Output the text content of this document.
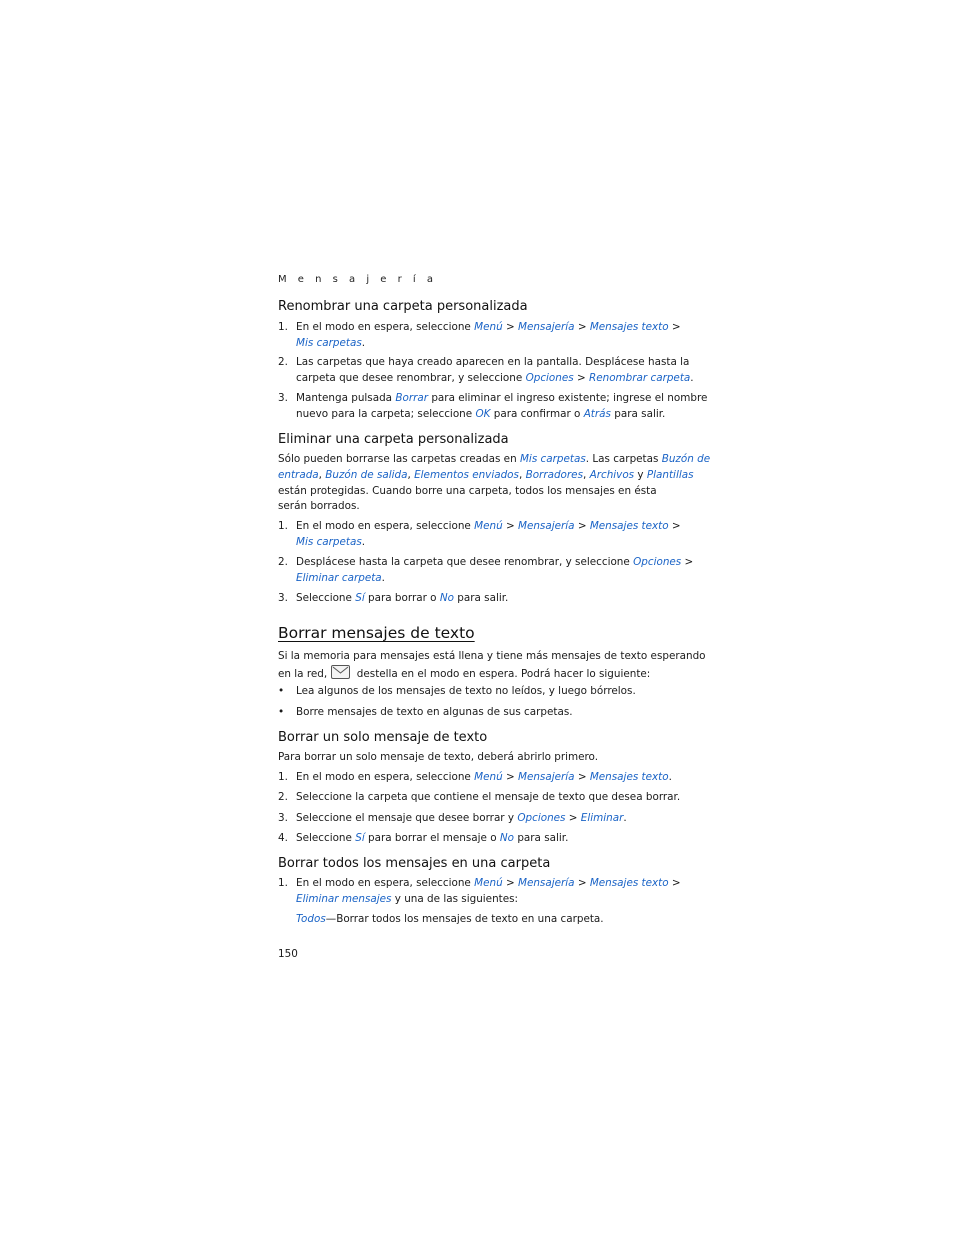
M e n s a j e r í a
Renombrar una carpeta personalizada
1. En el modo en espera, seleccione Menú > Mensajería > Mensajes texto >
Mis carpetas.
2. Las carpetas que haya creado aparecen en la pantalla. Desplácese hasta la
carpeta que desee renombrar, y seleccione Opciones > Renombrar carpeta.
3. Mantenga pulsada Borrar para eliminar el ingreso existente; ingrese el nombre
nuevo para la carpeta; seleccione OK para confirmar o Atrás para salir.
Eliminar una carpeta personalizada
Sólo pueden borrarse las carpetas creadas en Mis carpetas. Las carpetas Buzón de
entrada, Buzón de salida, Elementos enviados, Borradores, Archivos y Plantillas
están protegidas. Cuando borre una carpeta, todos los mensajes en ésta
serán borrados.
1. En el modo en espera, seleccione Menú > Mensajería > Mensajes texto >
Mis carpetas.
2. Desplácese hasta la carpeta que desee renombrar, y seleccione Opciones >
Eliminar carpeta.
3. Seleccione Sí para borrar o No para salir.
Borrar mensajes de texto
Si la memoria para mensajes está llena y tiene más mensajes de texto esperando
en la red,
destella en el modo en espera. Podrá hacer lo siguiente:
• Lea algunos de los mensajes de texto no leídos, y luego bórrelos.
• Borre mensajes de texto en algunas de sus carpetas.
Borrar un solo mensaje de texto
Para borrar un solo mensaje de texto, deberá abrirlo primero.
1. En el modo en espera, seleccione Menú > Mensajería > Mensajes texto.
2. Seleccione la carpeta que contiene el mensaje de texto que desea borrar.
3. Seleccione el mensaje que desee borrar y Opciones > Eliminar.
4. Seleccione Sí para borrar el mensaje o No para salir.
Borrar todos los mensajes en una carpeta
1. En el modo en espera, seleccione Menú > Mensajería > Mensajes texto >
Eliminar mensajes y una de las siguientes:
Todos—Borrar todos los mensajes de texto en una carpeta.
150
